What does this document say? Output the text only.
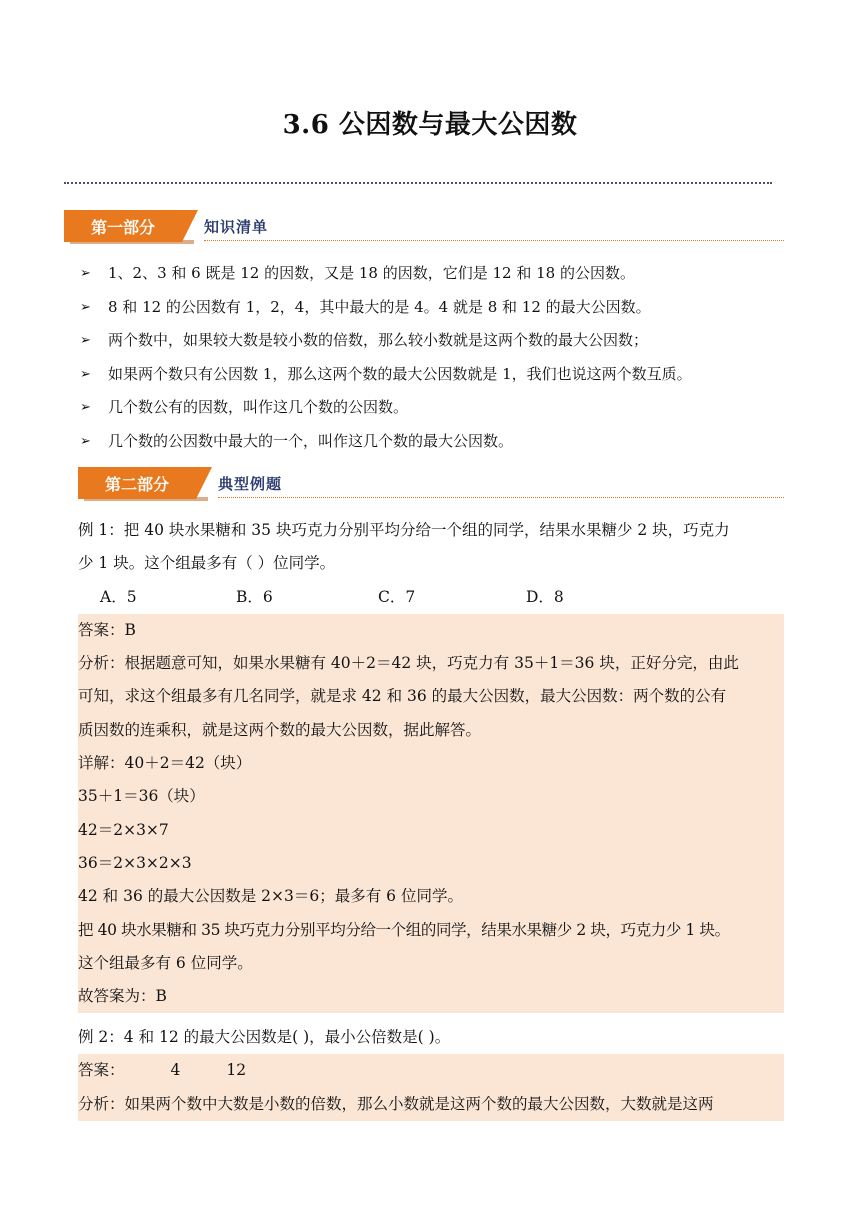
3.6 公因数与最大公因数
第一部分	知识清单
➢	1、2、3 和 6 既是 12 的因数，又是 18 的因数，它们是 12 和 18 的公因数。
➢	8 和 12 的公因数有 1，2，4，其中最大的是 4。4 就是 8 和 12 的最大公因数。
➢	两个数中，如果较大数是较小数的倍数，那么较小数就是这两个数的最大公因数；
➢	如果两个数只有公因数 1，那么这两个数的最大公因数就是 1，我们也说这两个数互质。
➢	几个数公有的因数，叫作这几个数的公因数。
➢	几个数的公因数中最大的一个，叫作这几个数的最大公因数。
第二部分	典型例题
例 1：把 40 块水果糖和 35 块巧克力分别平均分给一个组的同学，结果水果糖少 2 块，巧克力
少 1 块。这个组最多有（ ）位同学。
A．5	B．6	C．7	D．8
答案：B
分析：根据题意可知，如果水果糖有 40＋2＝42 块，巧克力有 35＋1＝36 块，正好分完，由此
可知，求这个组最多有几名同学，就是求 42 和 36 的最大公因数，最大公因数：两个数的公有
质因数的连乘积，就是这两个数的最大公因数，据此解答。
详解：40＋2＝42（块）
35＋1＝36（块）
42＝2×3×7
36＝2×3×2×3
42 和 36 的最大公因数是 2×3＝6；最多有 6 位同学。
把 40 块水果糖和 35 块巧克力分别平均分给一个组的同学，结果水果糖少 2 块，巧克力少 1 块。
这个组最多有 6 位同学。
故答案为：B
例 2：4 和 12 的最大公因数是( )，最小公倍数是( )。
答案：	4	12
分析：如果两个数中大数是小数的倍数，那么小数就是这两个数的最大公因数，大数就是这两
